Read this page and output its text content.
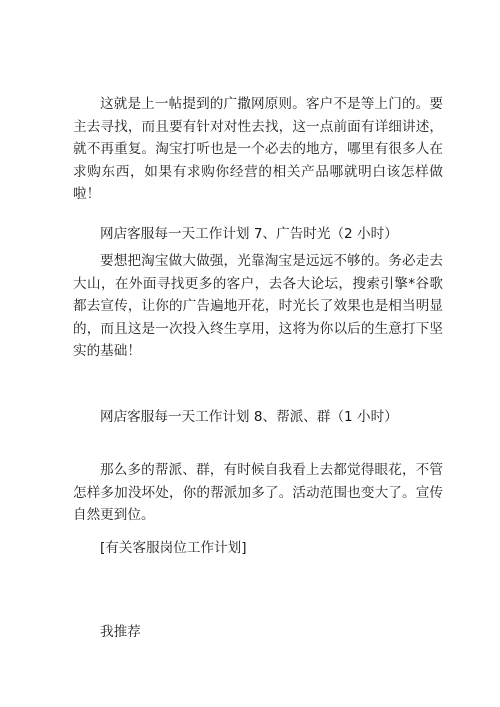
这就是上一帖提到的广撒网原则。客户不是等上门的。要主去寻找，而且要有针对对性去找，这一点前面有详细讲述，就不再重复。淘宝打听也是一个必去的地方，哪里有很多人在求购东西，如果有求购你经营的相关产品哪就明白该怎样做啦！

网店客服每一天工作计划 7、广告时光（2 小时）

要想把淘宝做大做强，光靠淘宝是远远不够的。务必走去大山，在外面寻找更多的客户，去各大论坛，搜索引擎*谷歌都去宣传，让你的广告遍地开花，时光长了效果也是相当明显的，而且这是一次投入终生享用，这将为你以后的生意打下坚实的基础！

网店客服每一天工作计划 8、帮派、群（1 小时）

那么多的帮派、群，有时候自我看上去都觉得眼花，不管怎样多加没坏处，你的帮派加多了。活动范围也变大了。宣传自然更到位。

[有关客服岗位工作计划]

我推荐
